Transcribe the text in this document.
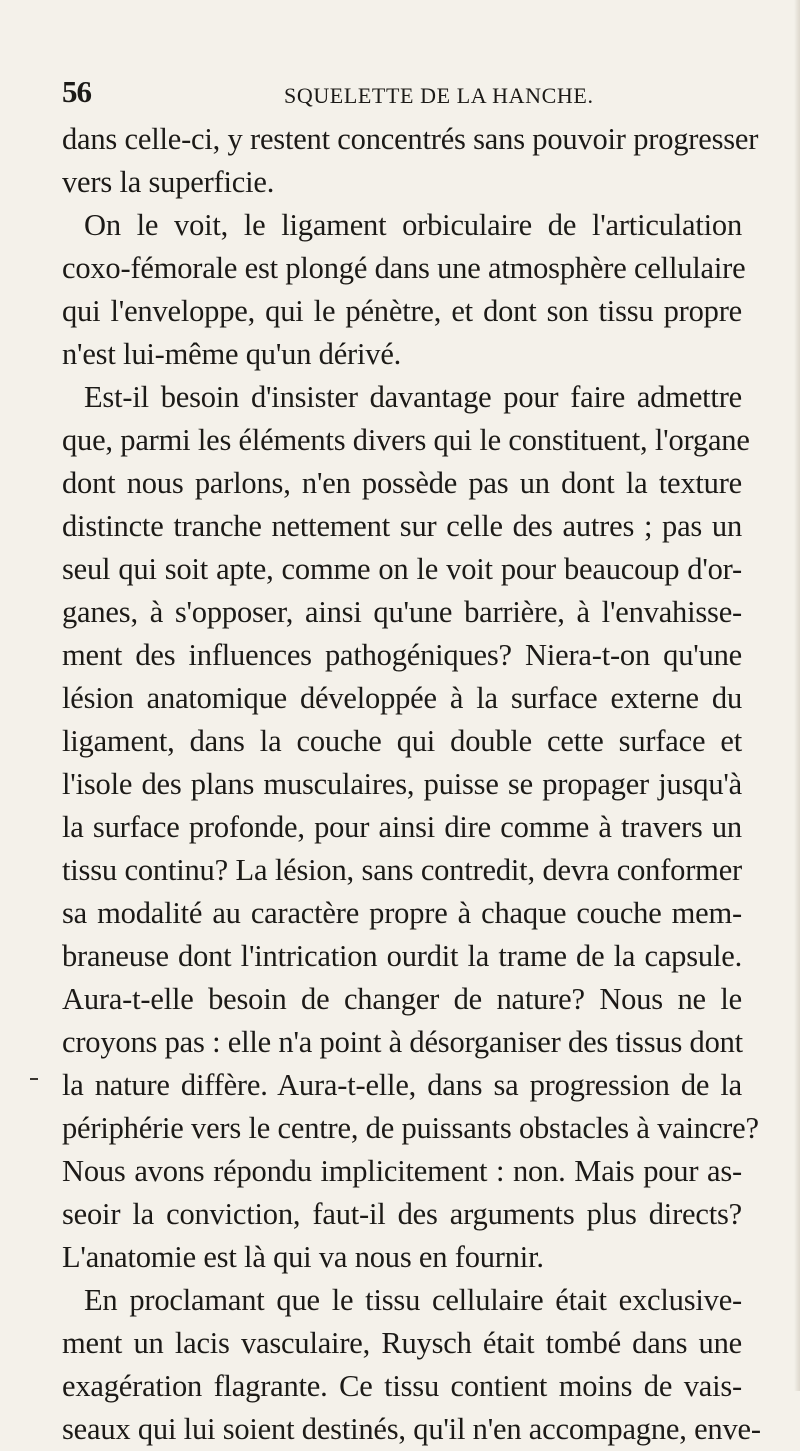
56	SQUELETTE DE LA HANCHE.
dans celle-ci, y restent concentrés sans pouvoir progresser
vers la superficie.
On le voit, le ligament orbiculaire de l'articulation
coxo-fémorale est plongé dans une atmosphère cellulaire
qui l'enveloppe, qui le pénètre, et dont son tissu propre
n'est lui-même qu'un dérivé.
Est-il besoin d'insister davantage pour faire admettre
que, parmi les éléments divers qui le constituent, l'organe
dont nous parlons, n'en possède pas un dont la texture
distincte tranche nettement sur celle des autres ; pas un
seul qui soit apte, comme on le voit pour beaucoup d'or-
ganes, à s'opposer, ainsi qu'une barrière, à l'envahisse-
ment des influences pathogéniques? Niera-t-on qu'une
lésion anatomique développée à la surface externe du
ligament, dans la couche qui double cette surface et
l'isole des plans musculaires, puisse se propager jusqu'à
la surface profonde, pour ainsi dire comme à travers un
tissu continu? La lésion, sans contredit, devra conformer
sa modalité au caractère propre à chaque couche mem-
braneuse dont l'intrication ourdit la trame de la capsule.
Aura-t-elle besoin de changer de nature? Nous ne le
croyons pas : elle n'a point à désorganiser des tissus dont
la nature diffère. Aura-t-elle, dans sa progression de la
périphérie vers le centre, de puissants obstacles à vaincre?
Nous avons répondu implicitement : non. Mais pour as-
seoir la conviction, faut-il des arguments plus directs?
L'anatomie est là qui va nous en fournir.
En proclamant que le tissu cellulaire était exclusive-
ment un lacis vasculaire, Ruysch était tombé dans une
exagération flagrante. Ce tissu contient moins de vais-
seaux qui lui soient destinés, qu'il n'en accompagne, enve-
